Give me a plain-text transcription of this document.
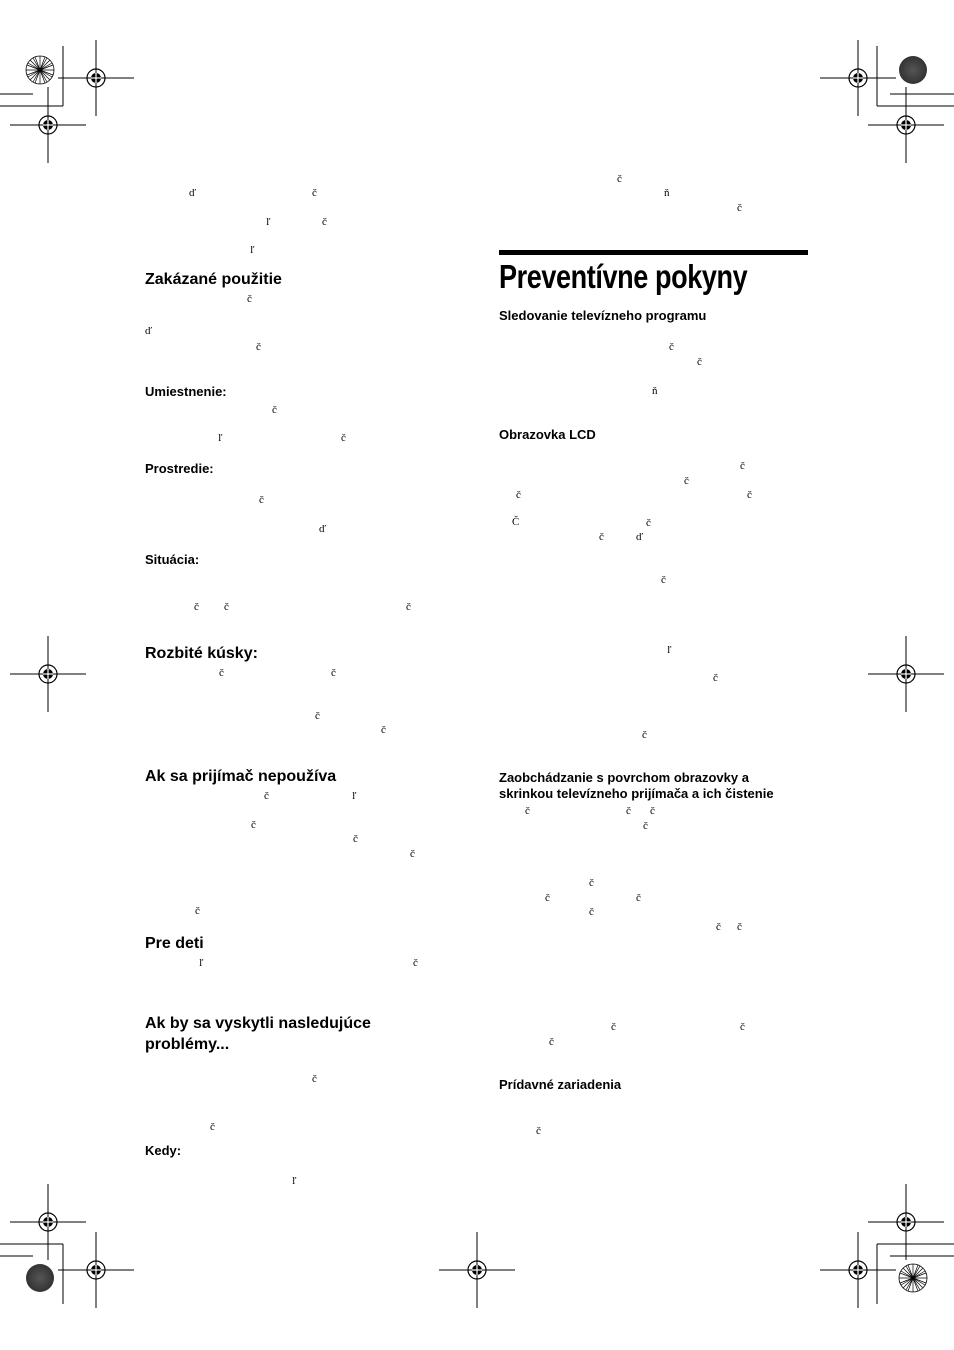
ď	č
ľ	č
ľ
Zakázané použitie
č
ď
č
Umiestnenie:
č
ľ	č
Prostredie:
č
ď
Situácia:
č č	č
Rozbité kúsky:
č	č
č
č
Ak sa prijímač nepoužíva
č	ľ
č
č
č
č
Pre deti
ľ	č
Ak by sa vyskytli nasledujúce
problémy...
č
č
Kedy:
ľ
č
ň
č
Preventívne pokyny
Sledovanie televízneho programu
č
č
ň
Obrazovka LCD
č
č
č	č
Č	č
č	ď
č
ľ
č
č
Zaobchádzanie s povrchom obrazovky a
skrinkou televízneho prijímača a ich čistenie
č	č č
č
č
č	č
č
č č
č	č
č
Prídavné zariadenia
č
